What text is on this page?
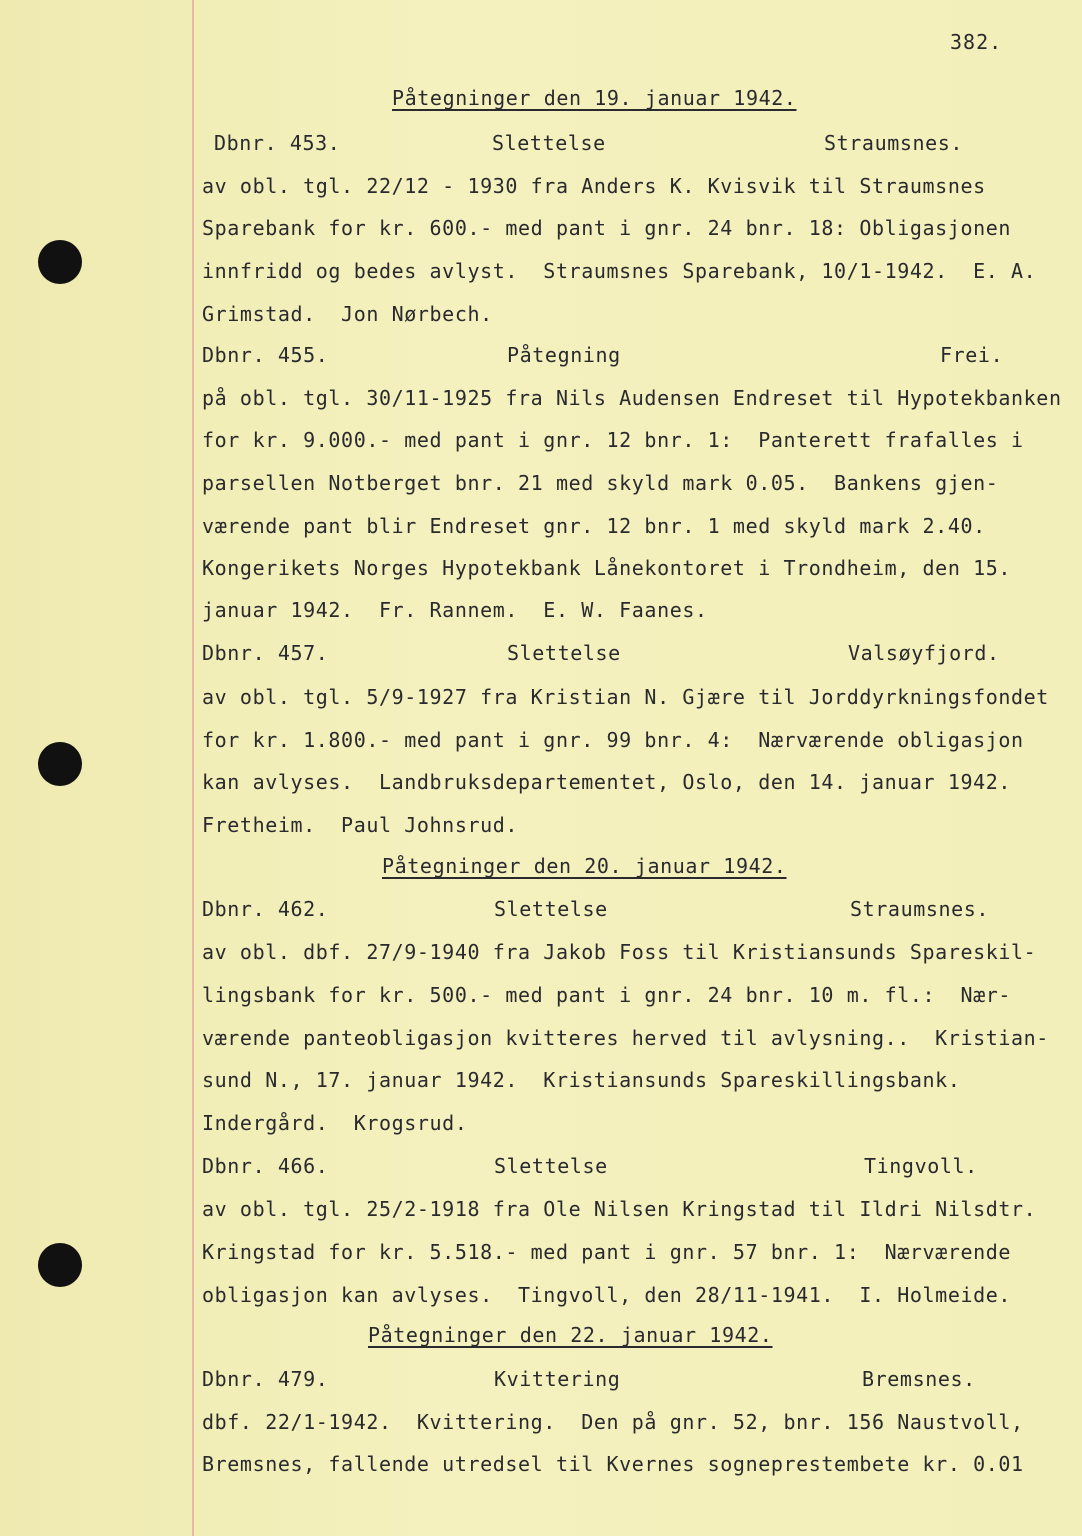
382.
Påtegninger den 19. januar 1942.
Dbnr. 453.	Slettelse	Straumsnes.
av obl. tgl. 22/12 - 1930 fra Anders K. Kvisvik til Straumsnes
Sparebank for kr. 600.- med pant i gnr. 24 bnr. 18: Obligasjonen
innfridd og bedes avlyst.  Straumsnes Sparebank, 10/1-1942.  E. A.
Grimstad.  Jon Nørbech.
Dbnr. 455.	Påtegning	Frei.
på obl. tgl. 30/11-1925 fra Nils Audensen Endreset til Hypotekbanken
for kr. 9.000.- med pant i gnr. 12 bnr. 1:  Panterett frafalles i
parsellen Notberget bnr. 21 med skyld mark 0.05.  Bankens gjen-
værende pant blir Endreset gnr. 12 bnr. 1 med skyld mark 2.40.
Kongerikets Norges Hypotekbank Lånekontoret i Trondheim, den 15.
januar 1942.  Fr. Rannem.  E. W. Faanes.
Dbnr. 457.	Slettelse	Valsøyfjord.
av obl. tgl. 5/9-1927 fra Kristian N. Gjære til Jorddyrkningsfondet
for kr. 1.800.- med pant i gnr. 99 bnr. 4:  Nærværende obligasjon
kan avlyses.  Landbruksdepartementet, Oslo, den 14. januar 1942.
Fretheim.  Paul Johnsrud.
Påtegninger den 20. januar 1942.
Dbnr. 462.	Slettelse	Straumsnes.
av obl. dbf. 27/9-1940 fra Jakob Foss til Kristiansunds Spareskil-
lingsbank for kr. 500.- med pant i gnr. 24 bnr. 10 m. fl.:  Nær-
værende panteobligasjon kvitteres herved til avlysning..  Kristian-
sund N., 17. januar 1942.  Kristiansunds Spareskillingsbank.
Indergård.  Krogsrud.
Dbnr. 466.	Slettelse	Tingvoll.
av obl. tgl. 25/2-1918 fra Ole Nilsen Kringstad til Ildri Nilsdtr.
Kringstad for kr. 5.518.- med pant i gnr. 57 bnr. 1:  Nærværende
obligasjon kan avlyses.  Tingvoll, den 28/11-1941.  I. Holmeide.
Påtegninger den 22. januar 1942.
Dbnr. 479.	Kvittering	Bremsnes.
dbf. 22/1-1942.  Kvittering.  Den på gnr. 52, bnr. 156 Naustvoll,
Bremsnes, fallende utredsel til Kvernes sogneprestembete kr. 0.01
